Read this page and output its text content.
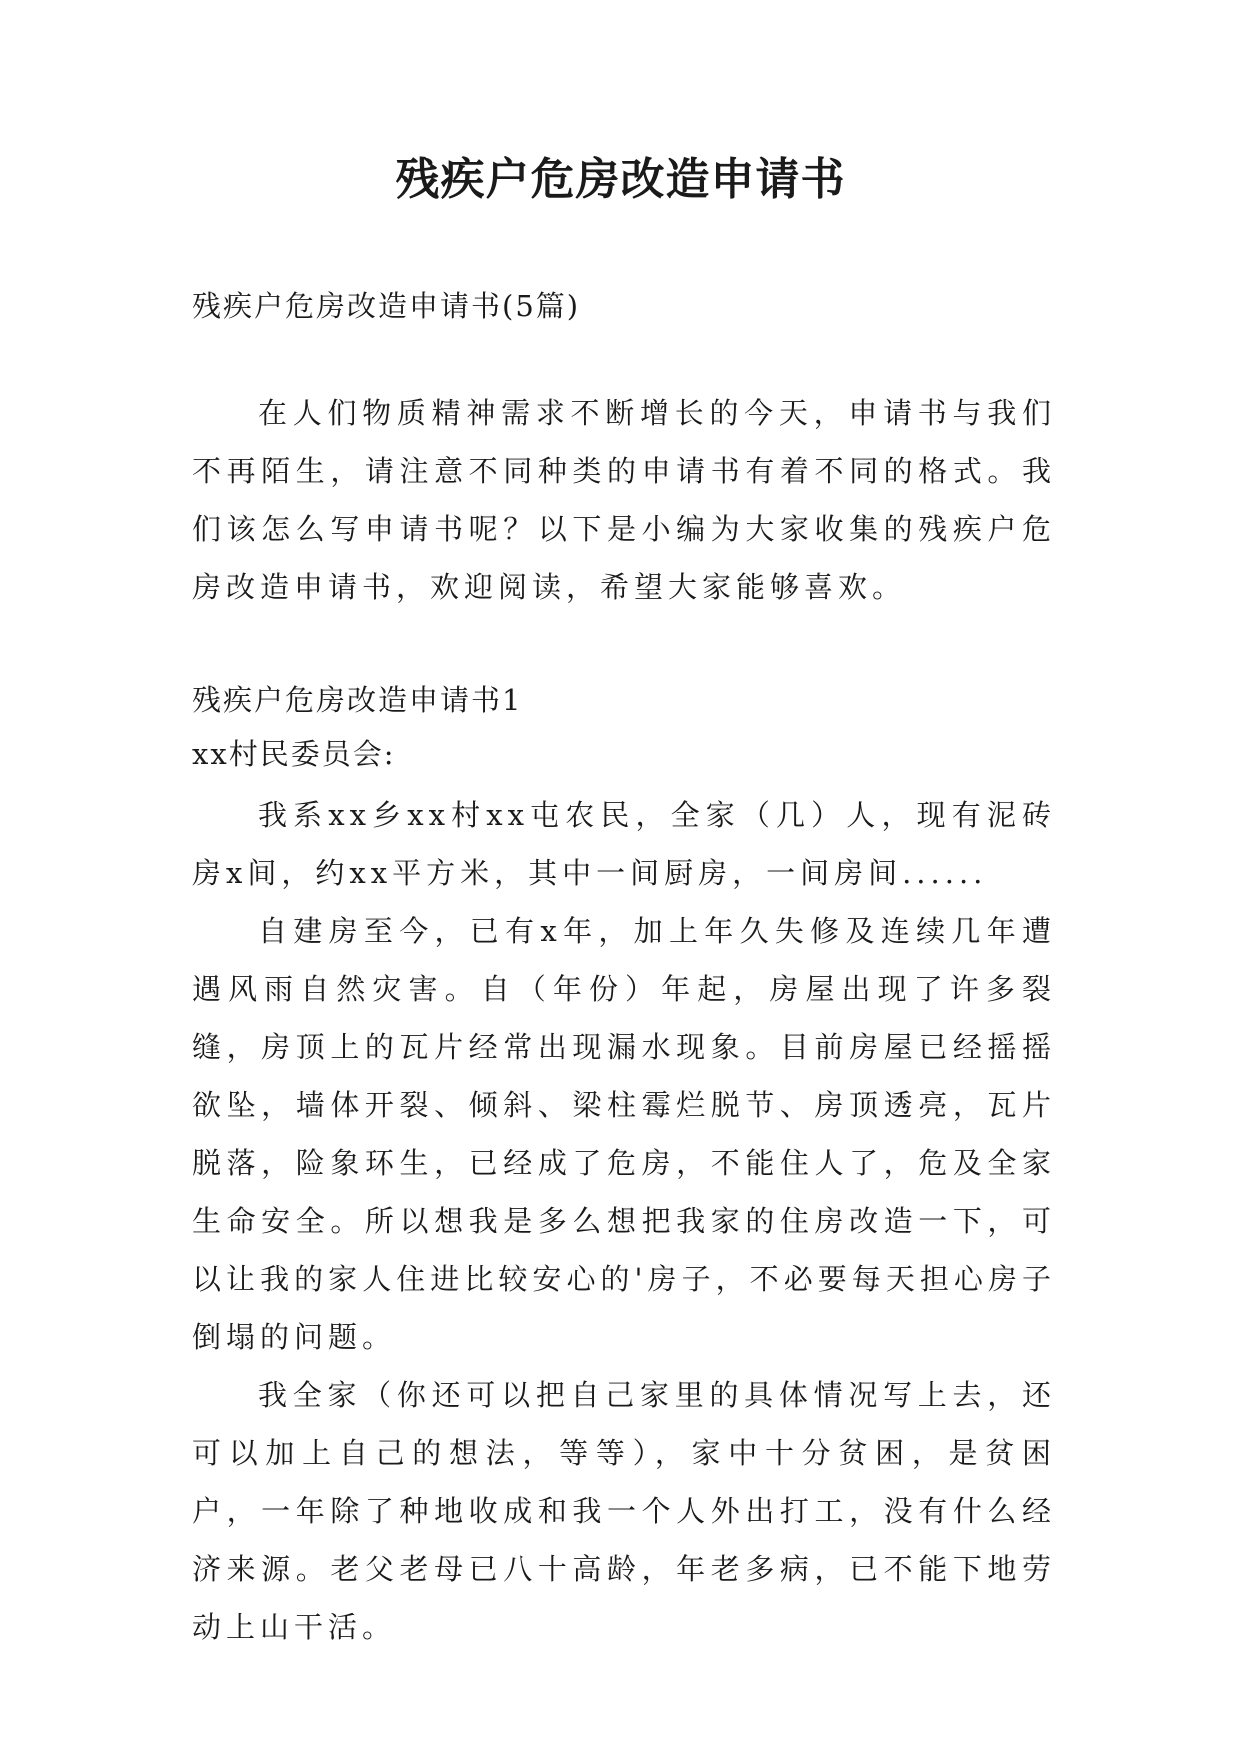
残疾户危房改造申请书

残疾户危房改造申请书(5篇)

在人们物质精神需求不断增长的今天，申请书与我们不再陌生，请注意不同种类的申请书有着不同的格式。我们该怎么写申请书呢？以下是小编为大家收集的残疾户危房改造申请书，欢迎阅读，希望大家能够喜欢。

残疾户危房改造申请书1

xx村民委员会:

我系xx乡xx村xx屯农民，全家（几）人，现有泥砖房x间，约xx平方米，其中一间厨房，一间房间......

自建房至今，已有x年，加上年久失修及连续几年遭遇风雨自然灾害。自（年份）年起，房屋出现了许多裂缝，房顶上的瓦片经常出现漏水现象。目前房屋已经摇摇欲坠，墙体开裂、倾斜、梁柱霉烂脱节、房顶透亮，瓦片脱落，险象环生，已经成了危房，不能住人了，危及全家生命安全。所以想我是多么想把我家的住房改造一下，可以让我的家人住进比较安心的'房子，不必要每天担心房子倒塌的问题。

我全家（你还可以把自己家里的具体情况写上去，还可以加上自己的想法，等等），家中十分贫困，是贫困户，一年除了种地收成和我一个人外出打工，没有什么经济来源。老父老母已八十高龄，年老多病，已不能下地劳动上山干活。
